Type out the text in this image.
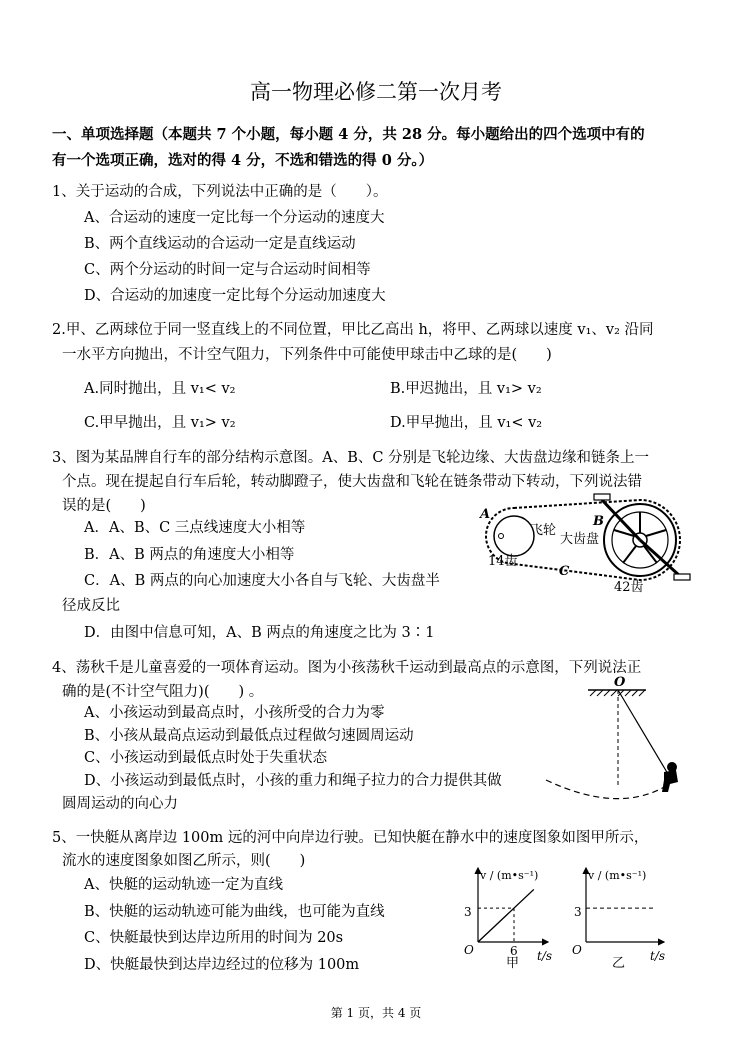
高一物理必修二第一次月考
一、单项选择题（本题共 7 个小题，每小题 4 分，共 28 分。每小题给出的四个选项中有的
有一个选项正确，选对的得 4 分，不选和错选的得 0 分。）
1、关于运动的合成，下列说法中正确的是（　　）。
A、合运动的速度一定比每一个分运动的速度大
B、两个直线运动的合运动一定是直线运动
C、两个分运动的时间一定与合运动时间相等
D、合运动的加速度一定比每个分运动加速度大
2.甲、乙两球位于同一竖直线上的不同位置，甲比乙高出 h，将甲、乙两球以速度 v₁、v₂ 沿同
一水平方向抛出，不计空气阻力，下列条件中可能使甲球击中乙球的是(　　)
A.同时抛出，且 v₁< v₂	B.甲迟抛出，且 v₁> v₂
C.甲早抛出，且 v₁> v₂	D.甲早抛出，且 v₁< v₂
3、图为某品牌自行车的部分结构示意图。A、B、C 分别是飞轮边缘、大齿盘边缘和链条上一
个点。现在提起自行车后轮，转动脚蹬子，使大齿盘和飞轮在链条带动下转动，下列说法错
误的是(　　)
A．A、B、C 三点线速度大小相等
B．A、B 两点的角速度大小相等
C．A、B 两点的向心加速度大小各自与飞轮、大齿盘半
径成反比
D．由图中信息可知，A、B 两点的角速度之比为 3∶1
A	B
C
飞轮
大齿盘
14齿
42齿
4、荡秋千是儿童喜爱的一项体育运动。图为小孩荡秋千运动到最高点的示意图，下列说法正
确的是(不计空气阻力)(　　) 。
A、小孩运动到最高点时，小孩所受的合力为零
B、小孩从最高点运动到最低点过程做匀速圆周运动
C、小孩运动到最低点时处于失重状态
D、小孩运动到最低点时，小孩的重力和绳子拉力的合力提供其做
圆周运动的向心力
O
5、一快艇从离岸边 100m 远的河中向岸边行驶。已知快艇在静水中的速度图象如图甲所示，
流水的速度图象如图乙所示，则(　　)
A、快艇的运动轨迹一定为直线
B、快艇的运动轨迹可能为曲线，也可能为直线
C、快艇最快到达岸边所用的时间为 20s
D、快艇最快到达岸边经过的位移为 100m
v / (m•s⁻¹)
t/s
O
3
6
甲
v / (m•s⁻¹)
t/s
O
3
乙
第 1 页，共 4 页
